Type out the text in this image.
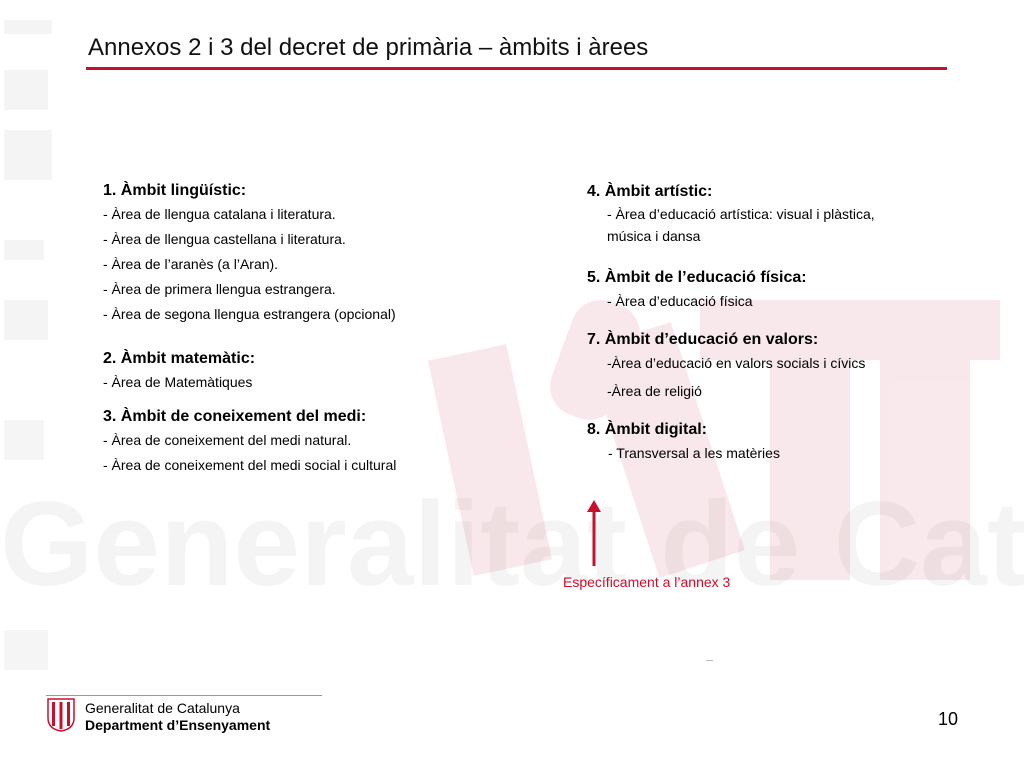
Annexos 2 i 3 del decret de primària – àmbits i àrees
1. Àmbit lingüístic:
- Àrea de llengua catalana i literatura.
- Àrea de llengua castellana i literatura.
- Àrea de l’aranès (a l’Aran).
- Àrea de primera llengua estrangera.
- Àrea de segona llengua estrangera (opcional)
2. Àmbit matemàtic:
- Àrea de Matemàtiques
3. Àmbit de coneixement del medi:
- Àrea de coneixement del medi natural.
- Àrea de coneixement del medi social i cultural
4. Àmbit artístic:
- Àrea d’educació artística: visual i plàstica, música i dansa
5. Àmbit de l’educació física:
- Àrea d’educació física
7. Àmbit d’educació en valors:
-Àrea d’educació en valors socials i cívics
-Àrea de religió
8. Àmbit digital:
- Transversal a les matèries
Específicament a l’annex 3
Generalitat de Catalunya
Department d’Ensenyament	10
